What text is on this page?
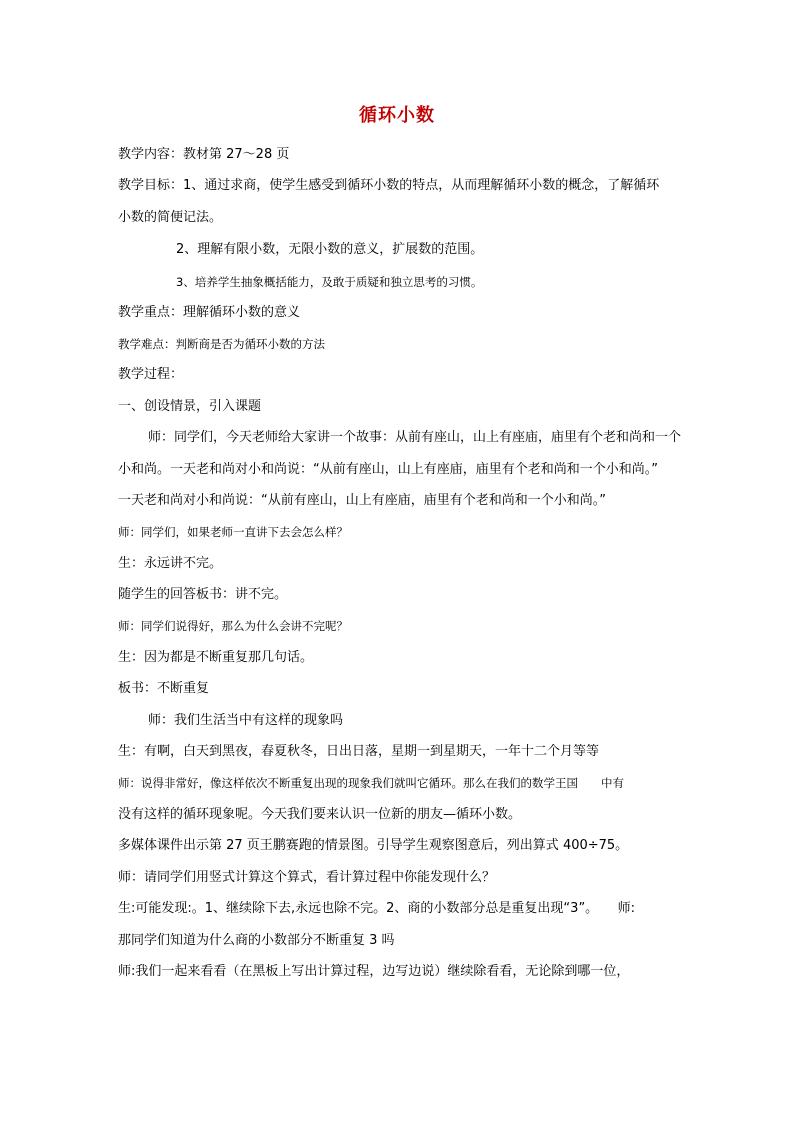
循环小数
教学内容：教材第 27～28 页
教学目标：1、通过求商，使学生感受到循环小数的特点，从而理解循环小数的概念，了解循环
小数的简便记法。
2、理解有限小数，无限小数的意义，扩展数的范围。
3、培养学生抽象概括能力，及敢于质疑和独立思考的习惯。
教学重点：理解循环小数的意义
教学难点：判断商是否为循环小数的方法
教学过程：
一、创设情景，引入课题
师：同学们，今天老师给大家讲一个故事：从前有座山，山上有座庙，庙里有个老和尚和一个
小和尚。一天老和尚对小和尚说：“从前有座山，山上有座庙，庙里有个老和尚和一个小和尚。”
一天老和尚对小和尚说：“从前有座山，山上有座庙，庙里有个老和尚和一个小和尚。”
师：同学们，如果老师一直讲下去会怎么样？
生：永远讲不完。
随学生的回答板书：讲不完。
师：同学们说得好，那么为什么会讲不完呢？
生：因为都是不断重复那几句话。
板书：不断重复
师：我们生活当中有这样的现象吗
生：有啊，白天到黑夜，春夏秋冬，日出日落，星期一到星期天，一年十二个月等等
师：说得非常好，像这样依次不断重复出现的现象我们就叫它循环。那么在我们的数学王国　　中有
没有这样的循环现象呢。今天我们要来认识一位新的朋友—循环小数。
多媒体课件出示第 27 页王鹏赛跑的情景图。引导学生观察图意后，列出算式 400÷75。
师：请同学们用竖式计算这个算式，看计算过程中你能发现什么？
生:可能发现:。1、继续除下去,永远也除不完。2、商的小数部分总是重复出现“3”。　　师:
那同学们知道为什么商的小数部分不断重复 3 吗
师:我们一起来看看（在黑板上写出计算过程，边写边说）继续除看看，无论除到哪一位，
